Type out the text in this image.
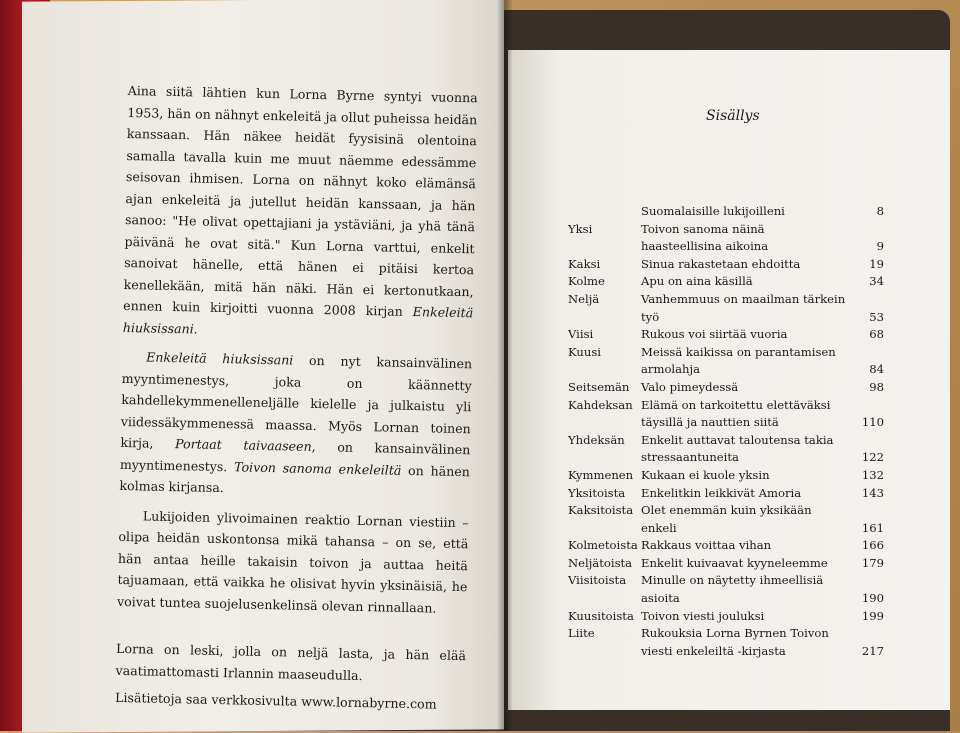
Aina siitä lähtien kun Lorna Byrne syntyi vuonna 1953, hän on nähnyt enkeleitä ja ollut puheissa heidän kanssaan. Hän näkee heidät fyysisinä olentoina samalla tavalla kuin me muut näemme edessämme seisovan ihmisen. Lorna on nähnyt koko elämänsä ajan enkeleitä ja jutellut heidän kanssaan, ja hän sanoo: "He olivat opettajiani ja ystäviäni, ja yhä tänä päivänä he ovat sitä." Kun Lorna varttui, enkelit sanoivat hänelle, että hänen ei pitäisi kertoa kenellekään, mitä hän näki. Hän ei kertonutkaan, ennen kuin kirjoitti vuonna 2008 kirjan Enkeleitä hiuksissani.

Enkeleitä hiuksissani on nyt kansainvälinen myyntimenestys, joka on käännetty kahdellekymmenelleneljälle kielelle ja julkaistu yli viidessäkymmenessä maassa. Myös Lornan toinen kirja, Portaat taivaaseen, on kansainvälinen myyntimenestys. Toivon sanoma enkeleiltä on hänen kolmas kirjansa.

Lukijoiden ylivoimainen reaktio Lornan viestiin – olipa heidän uskontonsa mikä tahansa – on se, että hän antaa heille takaisin toivon ja auttaa heitä tajuamaan, että vaikka he olisivat hyvin yksinäisiä, he voivat tuntea suojelusenkelinsä olevan rinnallaan.

Lorna on leski, jolla on neljä lasta, ja hän elää vaatimattomasti Irlannin maaseudulla.

Lisätietoja saa verkkosivulta www.lornabyrne.com

Sisällys
Suomalaisille lukijoilleni	8
Yksi	Toivon sanoma näinä haasteellisina aikoina	9
Kaksi	Sinua rakastetaan ehdoitta	19
Kolme	Apu on aina käsillä	34
Neljä	Vanhemmuus on maailman tärkein työ	53
Viisi	Rukous voi siirtää vuoria	68
Kuusi	Meissä kaikissa on parantamisen armolahja	84
Seitsemän	Valo pimeydessä	98
Kahdeksan Elämä on tarkoitettu elettäväksi täysillä ja nauttien siitä	110
Yhdeksän	Enkelit auttavat taloutensa takia stressaantuneita	122
Kymmenen Kukaan ei kuole yksin	132
Yksitoista	Enkelitkin leikkivät Amoria	143
Kaksitoista Olet enemmän kuin yksikään enkeli	161
Kolmetoista Rakkaus voittaa vihan	166
Neljätoista Enkelit kuivaavat kyyneleemme	179
Viisitoista	Minulle on näytetty ihmeellisiä asioita	190
Kuusitoista Toivon viesti jouluksi	199
Liite	Rukouksia Lorna Byrnen Toivon viesti enkeleiltä -kirjasta	217
